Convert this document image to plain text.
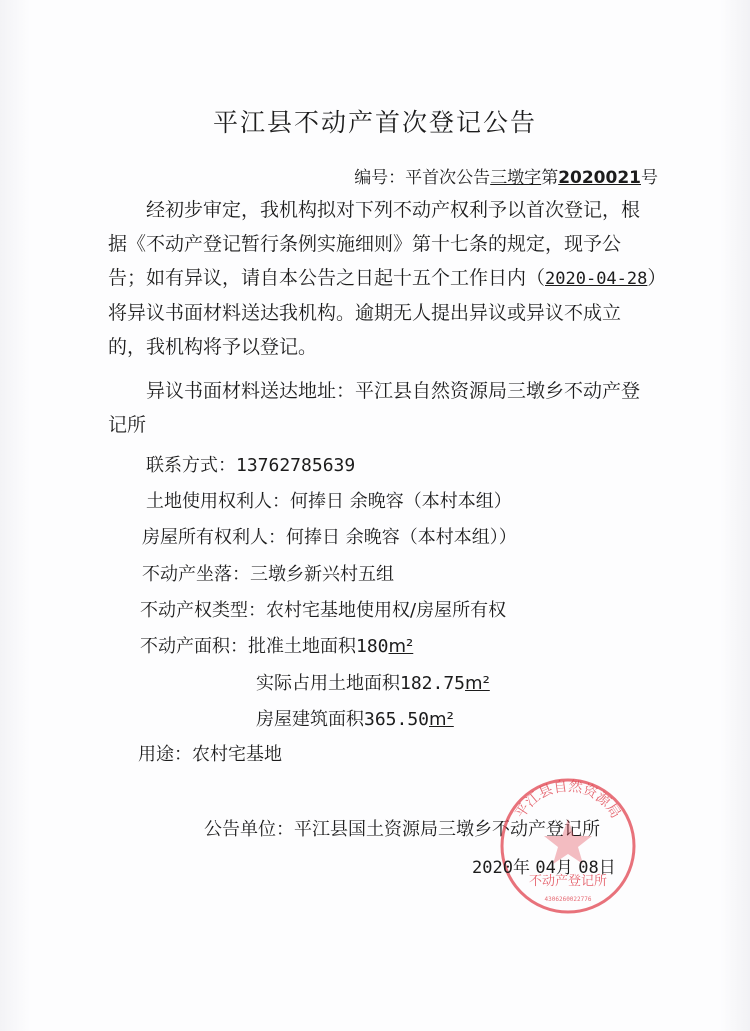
平江县不动产首次登记公告
编号：平首次公告三墩字第2020021号
经初步审定，我机构拟对下列不动产权利予以首次登记，根据《不动产登记暂行条例实施细则》第十七条的规定，现予公告；如有异议，请自本公告之日起十五个工作日内（2020-04-28）将异议书面材料送达我机构。逾期无人提出异议或异议不成立的，我机构将予以登记。
异议书面材料送达地址：平江县自然资源局三墩乡不动产登记所
联系方式：13762785639
土地使用权利人：何捧日 余晚容（本村本组）
房屋所有权利人：何捧日 余晚容（本村本组））
不动产坐落：三墩乡新兴村五组
不动产权类型：农村宅基地使用权/房屋所有权
不动产面积：批准土地面积180m²
实际占用土地面积182.75m²
房屋建筑面积365.50m²
用途：农村宅基地
公告单位：平江县国土资源局三墩乡不动产登记所
平江县自然资源局
不动产登记所
4306260022776
2020年 04月 08日
